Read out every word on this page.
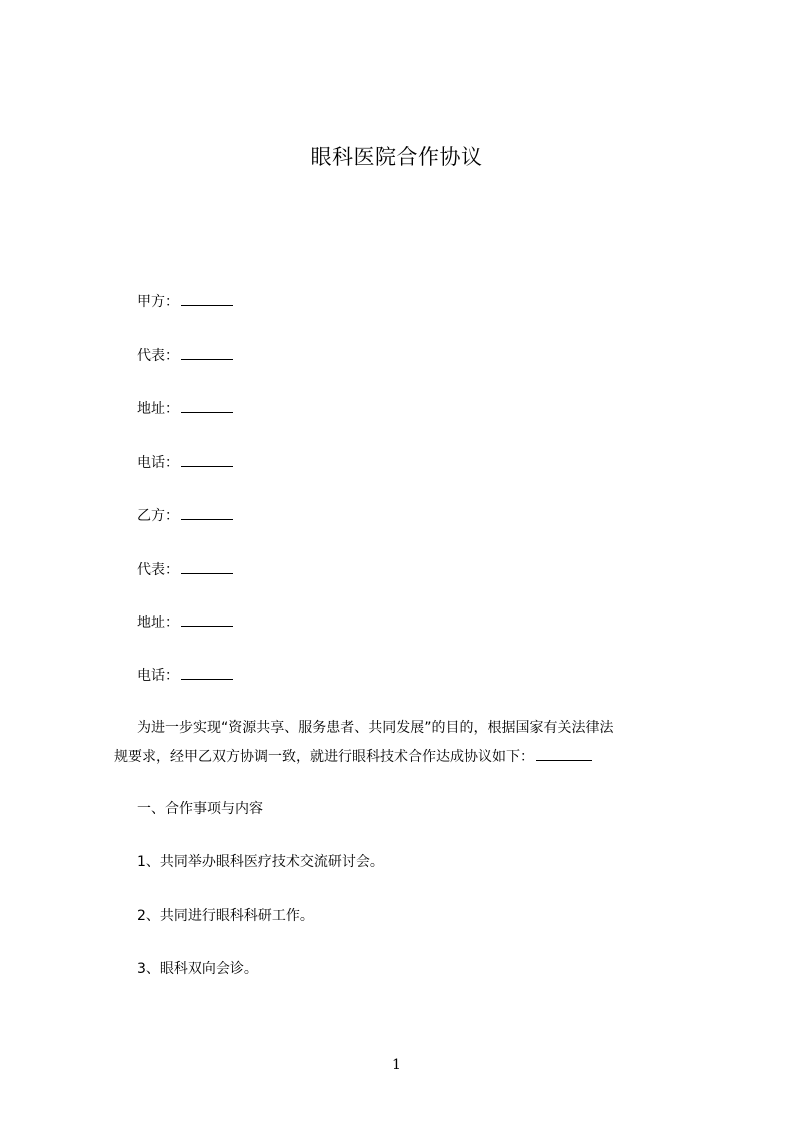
眼科医院合作协议

甲方：

代表：

地址：

电话：

乙方：

代表：

地址：

电话：

为进一步实现“资源共享、服务患者、共同发展”的目的，根据国家有关法律法

规要求，经甲乙双方协调一致，就进行眼科技术合作达成协议如下：

一、合作事项与内容

1、共同举办眼科医疗技术交流研讨会。

2、共同进行眼科科研工作。

3、眼科双向会诊。

1
